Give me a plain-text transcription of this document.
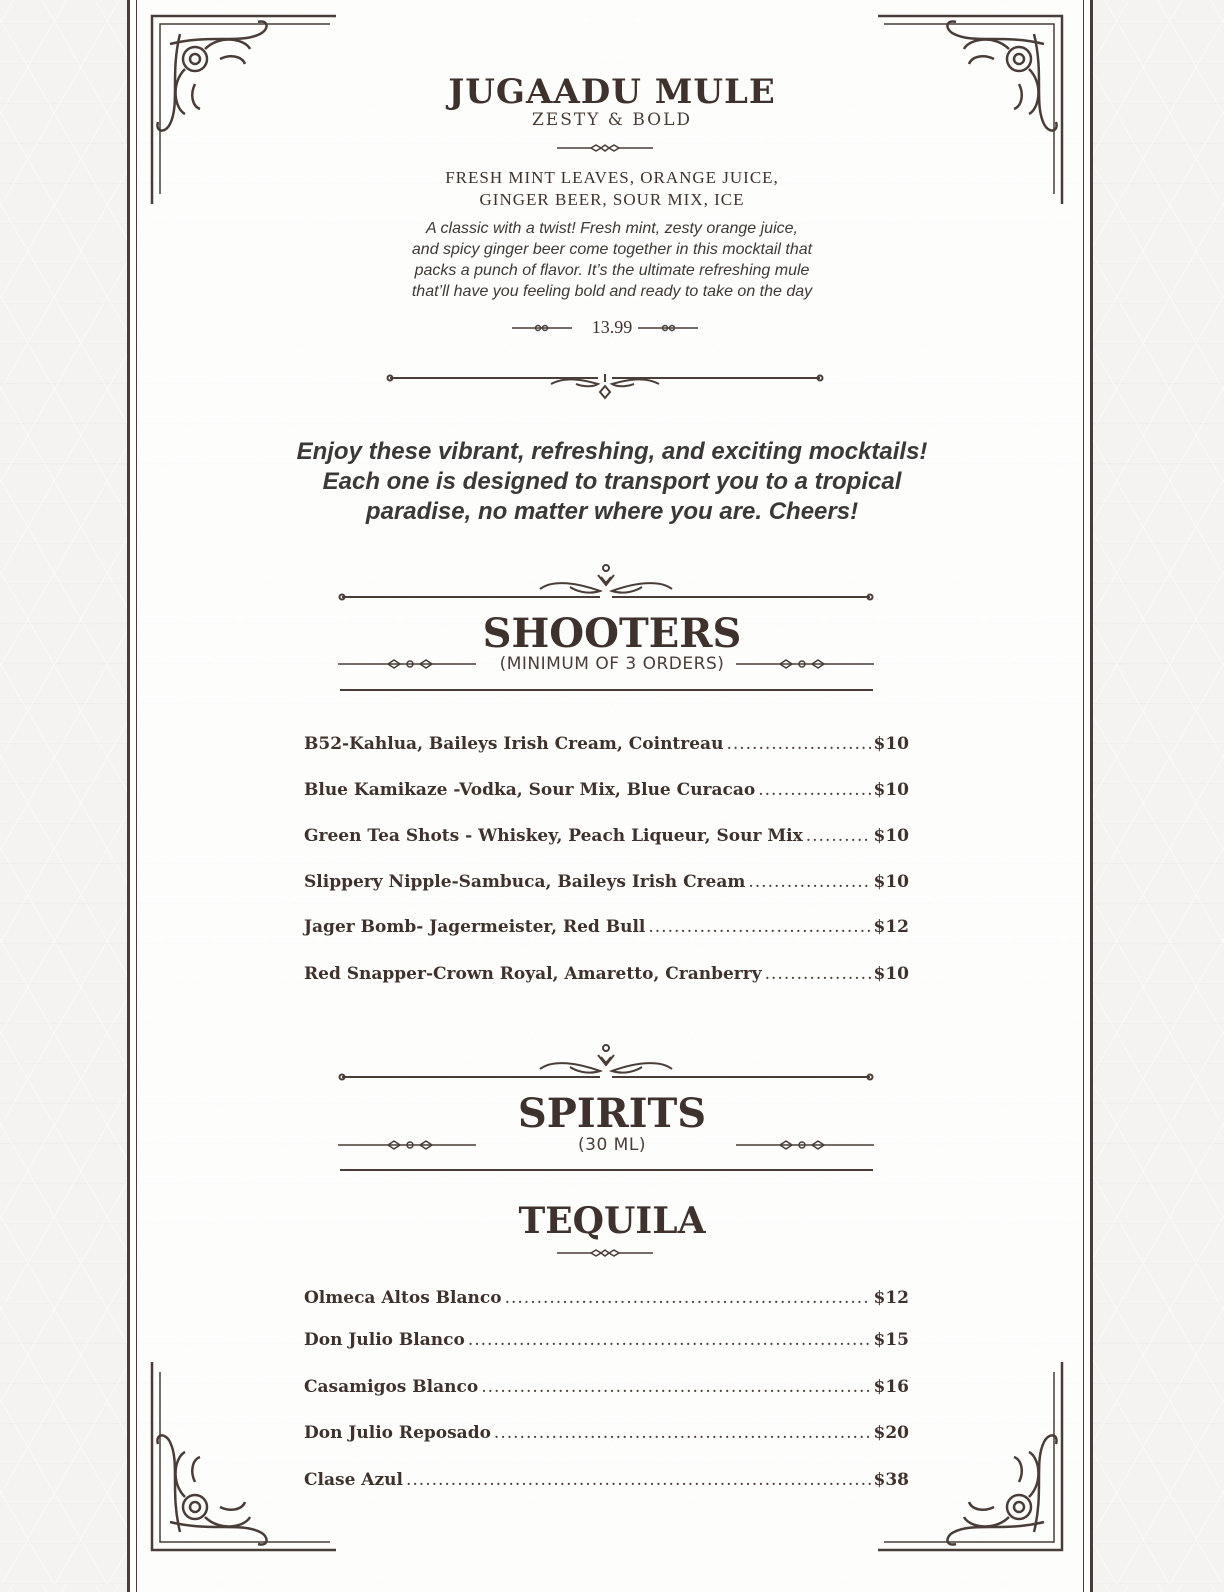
JUGAADU MULE
ZESTY & BOLD
FRESH MINT LEAVES, ORANGE JUICE,
GINGER BEER, SOUR MIX, ICE
A classic with a twist! Fresh mint, zesty orange juice,
and spicy ginger beer come together in this mocktail that
packs a punch of flavor. It’s the ultimate refreshing mule
that’ll have you feeling bold and ready to take on the day
13.99
Enjoy these vibrant, refreshing, and exciting mocktails!
Each one is designed to transport you to a tropical
paradise, no matter where you are. Cheers!
SHOOTERS
(MINIMUM OF 3 ORDERS)
B52-Kahlua, Baileys Irish Cream, Cointreau .....	$10
Blue Kamikaze -Vodka, Sour Mix, Blue Curacao .....	$10
Green Tea Shots - Whiskey, Peach Liqueur, Sour Mix .....	$10
Slippery Nipple-Sambuca, Baileys Irish Cream .....	$10
Jager Bomb- Jagermeister, Red Bull .....	$12
Red Snapper-Crown Royal, Amaretto, Cranberry .....	$10
SPIRITS
(30 ML)
TEQUILA
Olmeca Altos Blanco .....	$12
Don Julio Blanco .....	$15
Casamigos Blanco .....	$16
Don Julio Reposado .....	$20
Clase Azul .....	$38
